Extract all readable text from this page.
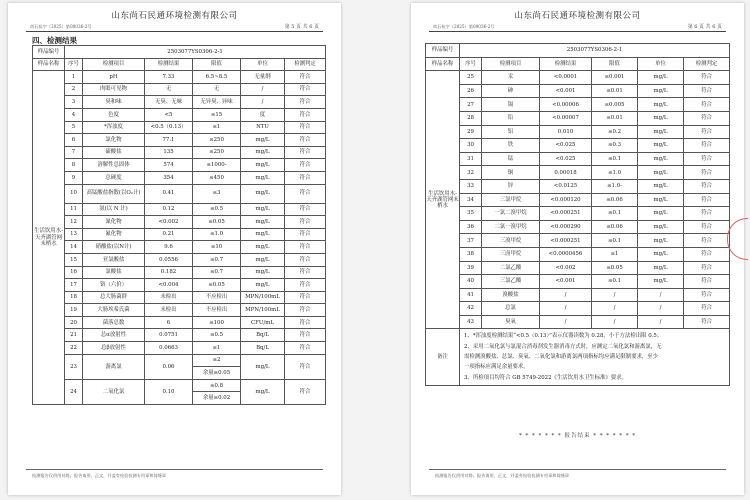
山东尚石民通环境检测有限公司
尚石检字（2025）第00036-2号	第 5 页 共 6 页
四、检测结果
样品编号	2503077YS0306-2-1					
样品名称	序号	检测项目	检测结果	限值	单位	检测判定
生活饮用水-天齐湖管网末梢水	1	pH	7.33	6.5~8.5	无量纲	符合
	2	肉眼可见物	无	无	/	符合
	3	臭和味	无臭、无味	无异臭、异味	/	符合
	4	色度	<5	≤15	度	符合
	5	*浑浊度	<0.5（0.13）	≤1	NTU	符合
	6	氯化物	77.1	≤250	mg/L	符合
	7	硫酸盐	135	≤250	mg/L	符合
	8	溶解性总固体	574	≤1000-	mg/L	符合
	9	总硬度	354	≤450	mg/L	符合
	10	高锰酸盐指数(以O₂计)	0.41	≤3	mg/L	符合
	11	氨(以 N 计)	0.12	≤0.5	mg/L	符合
	12	氰化物	<0.002	≤0.05	mg/L	符合
	13	氟化物	0.21	≤1.0	mg/L	符合
	14	硝酸盐(以N计)	9.6	≤10	mg/L	符合
	15	亚氯酸盐	0.0556	≤0.7	mg/L	符合
	16	氯酸盐	0.182	≤0.7	mg/L	符合
	17	铬（六价）	<0.004	≤0.05	mg/L	符合
	18	总大肠菌群	未检出	不应检出	MPN/100mL	符合
	19	大肠埃希氏菌	未检出	不应检出	MPN/100mL	符合
	20	菌落总数	6	≤100	CFU/mL	符合
	21	总α放射性	0.0751	≤0.5	Bq/L	符合
	22	总β放射性	0.0663	≤1	Bq/L	符合
	23	游离氯	0.06	≤2	mg/L	符合
				余量≥0.05		
	24	二氧化氯	0.10	≤0.8	mg/L	符合
				余量≥0.02		
检测报告仅供用对路。报告请用，正文，并盖有检验检测专用章和骑缝章
山东尚石民通环境检测有限公司
尚石检字（2025）第00036-2号	第 6 页 共 6 页
样品编号	2503077YS0306-2-1					
样品名称	序号	检测项目	检测结果	限值	单位	检测判定
生活饮用水-天齐湖管网末梢水	25	汞	<0.0001	≤0.001	mg/L	符合
	26	砷	<0.001	≤0.01	mg/L	符合
	27	镉	<0.00006	≤0.005	mg/L	符合
	28	铅	<0.00007	≤0.01	mg/L	符合
	29	铝	0.010	≤0.2	mg/L	符合
	30	铁	<0.025	≤0.3	mg/L	符合
	31	锰	<0.025	≤0.1	mg/L	符合
	32	铜	0.00018	≤1.0	mg/L	符合
	33	锌	<0.0125	≤1.0-	mg/L	符合
	34	三氯甲烷	<0.000120	≤0.06	mg/L	符合
	35	一氯二溴甲烷	<0.000251	≤0.1	mg/L	符合
	36	二氯一溴甲烷	<0.000290	≤0.06	mg/L	符合
	37	三溴甲烷	<0.000251	≤0.1	mg/L	符合
	38	三卤甲烷	<0.0000456	≤1	mg/L	符合
	39	二氯乙酸	<0.002	≤0.05	mg/L	符合
	40	三氯乙酸	<0.001	≤0.1	mg/L	符合
	41	溴酸盐	/	/	/	符合
	42	总氯	/	/	/	符合
	43	臭氧	/	/	/	符合
备注	1、*浑浊度检测结果“<0.5（0.13）”表示仪器读数为 0.28，小于方法检出限 0.5；
2、采用二氧化氯与氯混合消毒剂发生器消毒方式时，应测定二氧化氯和游离氯，无
需检测溴酸盐、总氯、臭氧、二氧化氯和游离氯两项指标均应满足限制要求，至少
一项指标应满足余量要求。
3、所检项目均符合 GB 5749-2022《生活饮用水卫生标准》要求。					
* * * * * * * 报告结束 * * * * * * *
检测报告仅供用对路。报告请用，正文，并盖有检验检测专用章和骑缝章
